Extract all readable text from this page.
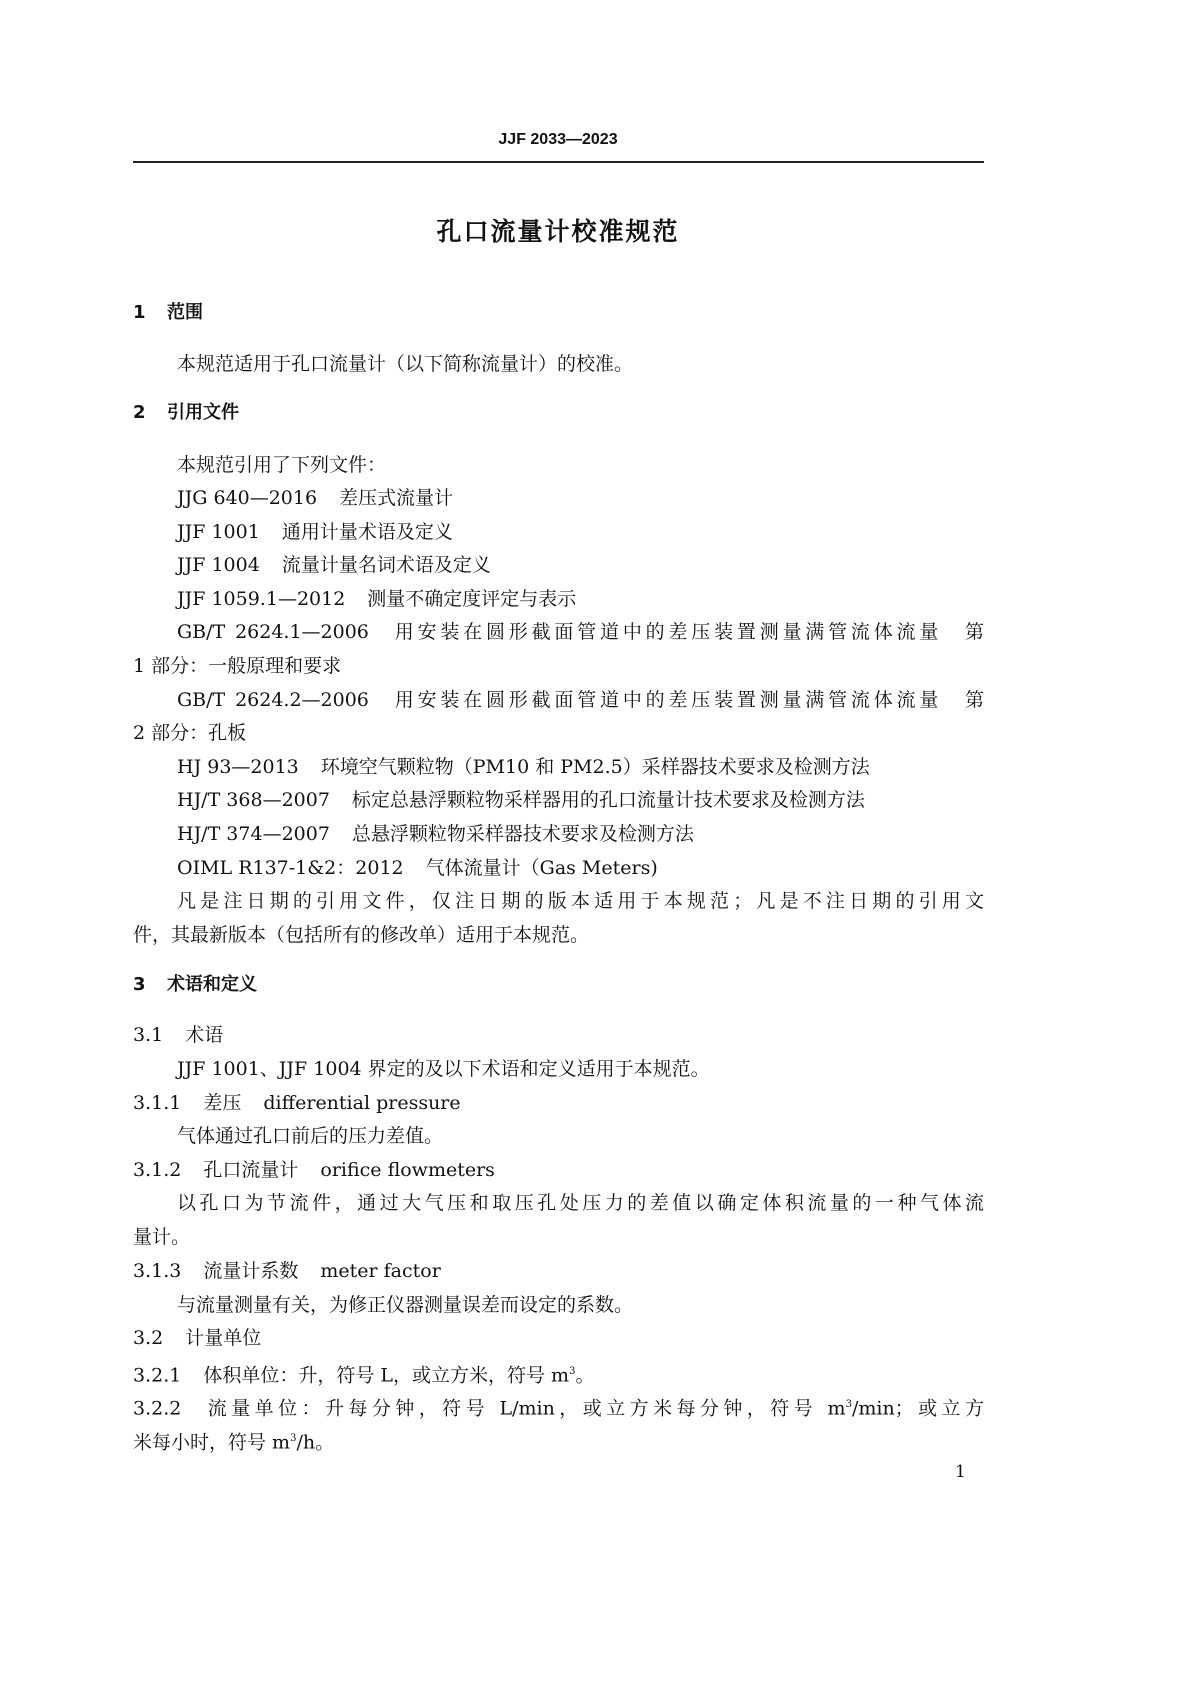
JJF 2033—2023
孔口流量计校准规范
1 范围
本规范适用于孔口流量计（以下简称流量计）的校准。
2 引用文件
本规范引用了下列文件：
JJG 640—2016 差压式流量计
JJF 1001 通用计量术语及定义
JJF 1004 流量计量名词术语及定义
JJF 1059.1—2012 测量不确定度评定与表示
GB/T 2624.1—2006 用安装在圆形截面管道中的差压装置测量满管流体流量　第
1 部分：一般原理和要求
GB/T 2624.2—2006 用安装在圆形截面管道中的差压装置测量满管流体流量　第
2 部分：孔板
HJ 93—2013 环境空气颗粒物（PM10 和 PM2.5）采样器技术要求及检测方法
HJ/T 368—2007 标定总悬浮颗粒物采样器用的孔口流量计技术要求及检测方法
HJ/T 374—2007 总悬浮颗粒物采样器技术要求及检测方法
OIML R137-1&2：2012 气体流量计（Gas Meters)
凡是注日期的引用文件，仅注日期的版本适用于本规范；凡是不注日期的引用文
件，其最新版本（包括所有的修改单）适用于本规范。
3 术语和定义
3.1 术语
JJF 1001、JJF 1004 界定的及以下术语和定义适用于本规范。
3.1.1 差压 differential pressure
气体通过孔口前后的压力差值。
3.1.2 孔口流量计 orifice flowmeters
以孔口为节流件，通过大气压和取压孔处压力的差值以确定体积流量的一种气体流
量计。
3.1.3 流量计系数 meter factor
与流量测量有关，为修正仪器测量误差而设定的系数。
3.2 计量单位
3.2.1 体积单位：升，符号 L，或立方米，符号 $m^3$。
3.2.2 流量单位：升每分钟，符号 L/min，或立方米每分钟，符号 $m^3/\min$；或立方
米每小时，符号 $m^3/h$。
1
